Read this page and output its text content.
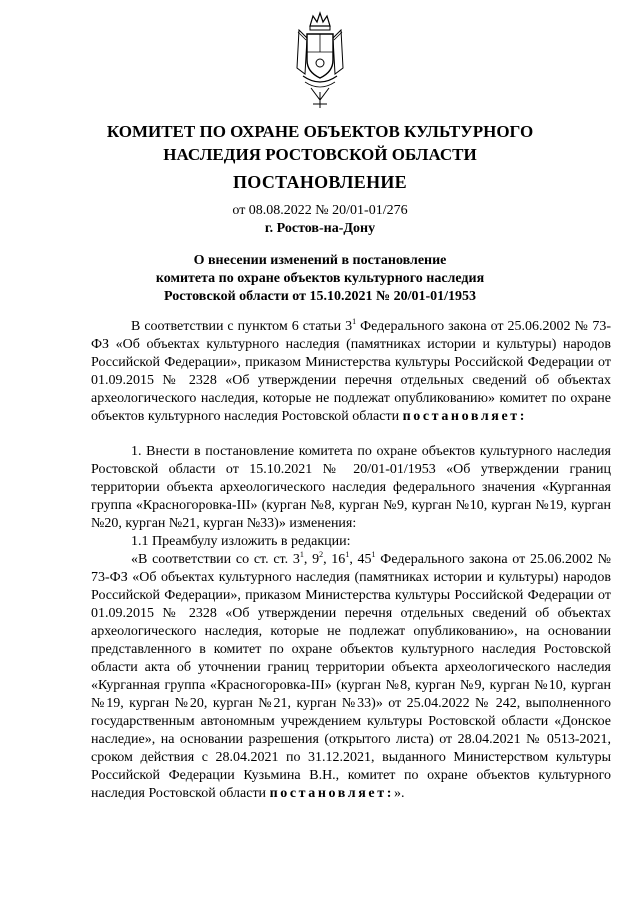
КОМИТЕТ ПО ОХРАНЕ ОБЪЕКТОВ КУЛЬТУРНОГО
НАСЛЕДИЯ РОСТОВСКОЙ ОБЛАСТИ
ПОСТАНОВЛЕНИЕ
от 08.08.2022 № 20/01-01/276
г. Ростов-на-Дону
О внесении изменений в постановление
комитета по охране объектов культурного наследия
Ростовской области от 15.10.2021 № 20/01-01/1953

В соответствии с пунктом 6 статьи $3^1$ Федерального закона от 25.06.2002 № 73-ФЗ «Об объектах культурного наследия (памятниках истории и культуры) народов Российской Федерации», приказом Министерства культуры Российской Федерации от 01.09.2015 № 2328 «Об утверждении перечня отдельных сведений об объектах археологического наследия, которые не подлежат опубликованию» комитет по охране объектов культурного наследия Ростовской области постановляет:

1. Внести в постановление комитета по охране объектов культурного наследия Ростовской области от 15.10.2021 № 20/01-01/1953 «Об утверждении границ территории объекта археологического наследия федерального значения «Курганная группа «Красногоровка-III» (курган №8, курган №9, курган №10, курган №19, курган №20, курган №21, курган №33)» изменения:

1.1 Преамбулу изложить в редакции:

«В соответствии со ст. ст. $3^1$, $9^2$, $16^1$, $45^1$ Федерального закона от 25.06.2002 № 73-ФЗ «Об объектах культурного наследия (памятниках истории и культуры) народов Российской Федерации», приказом Министерства культуры Российской Федерации от 01.09.2015 № 2328 «Об утверждении перечня отдельных сведений об объектах археологического наследия, которые не подлежат опубликованию», на основании представленного в комитет по охране объектов культурного наследия Ростовской области акта об уточнении границ территории объекта археологического наследия «Курганная группа «Красногоровка-III» (курган №8, курган №9, курган №10, курган №19, курган №20, курган №21, курган №33)» от 25.04.2022 № 242, выполненного государственным автономным учреждением культуры Ростовской области «Донское наследие», на основании разрешения (открытого листа) от 28.04.2021 № 0513-2021, сроком действия с 28.04.2021 по 31.12.2021, выданного Министерством культуры Российской Федерации Кузьмина В.Н., комитет по охране объектов культурного наследия Ростовской области постановляет:».
